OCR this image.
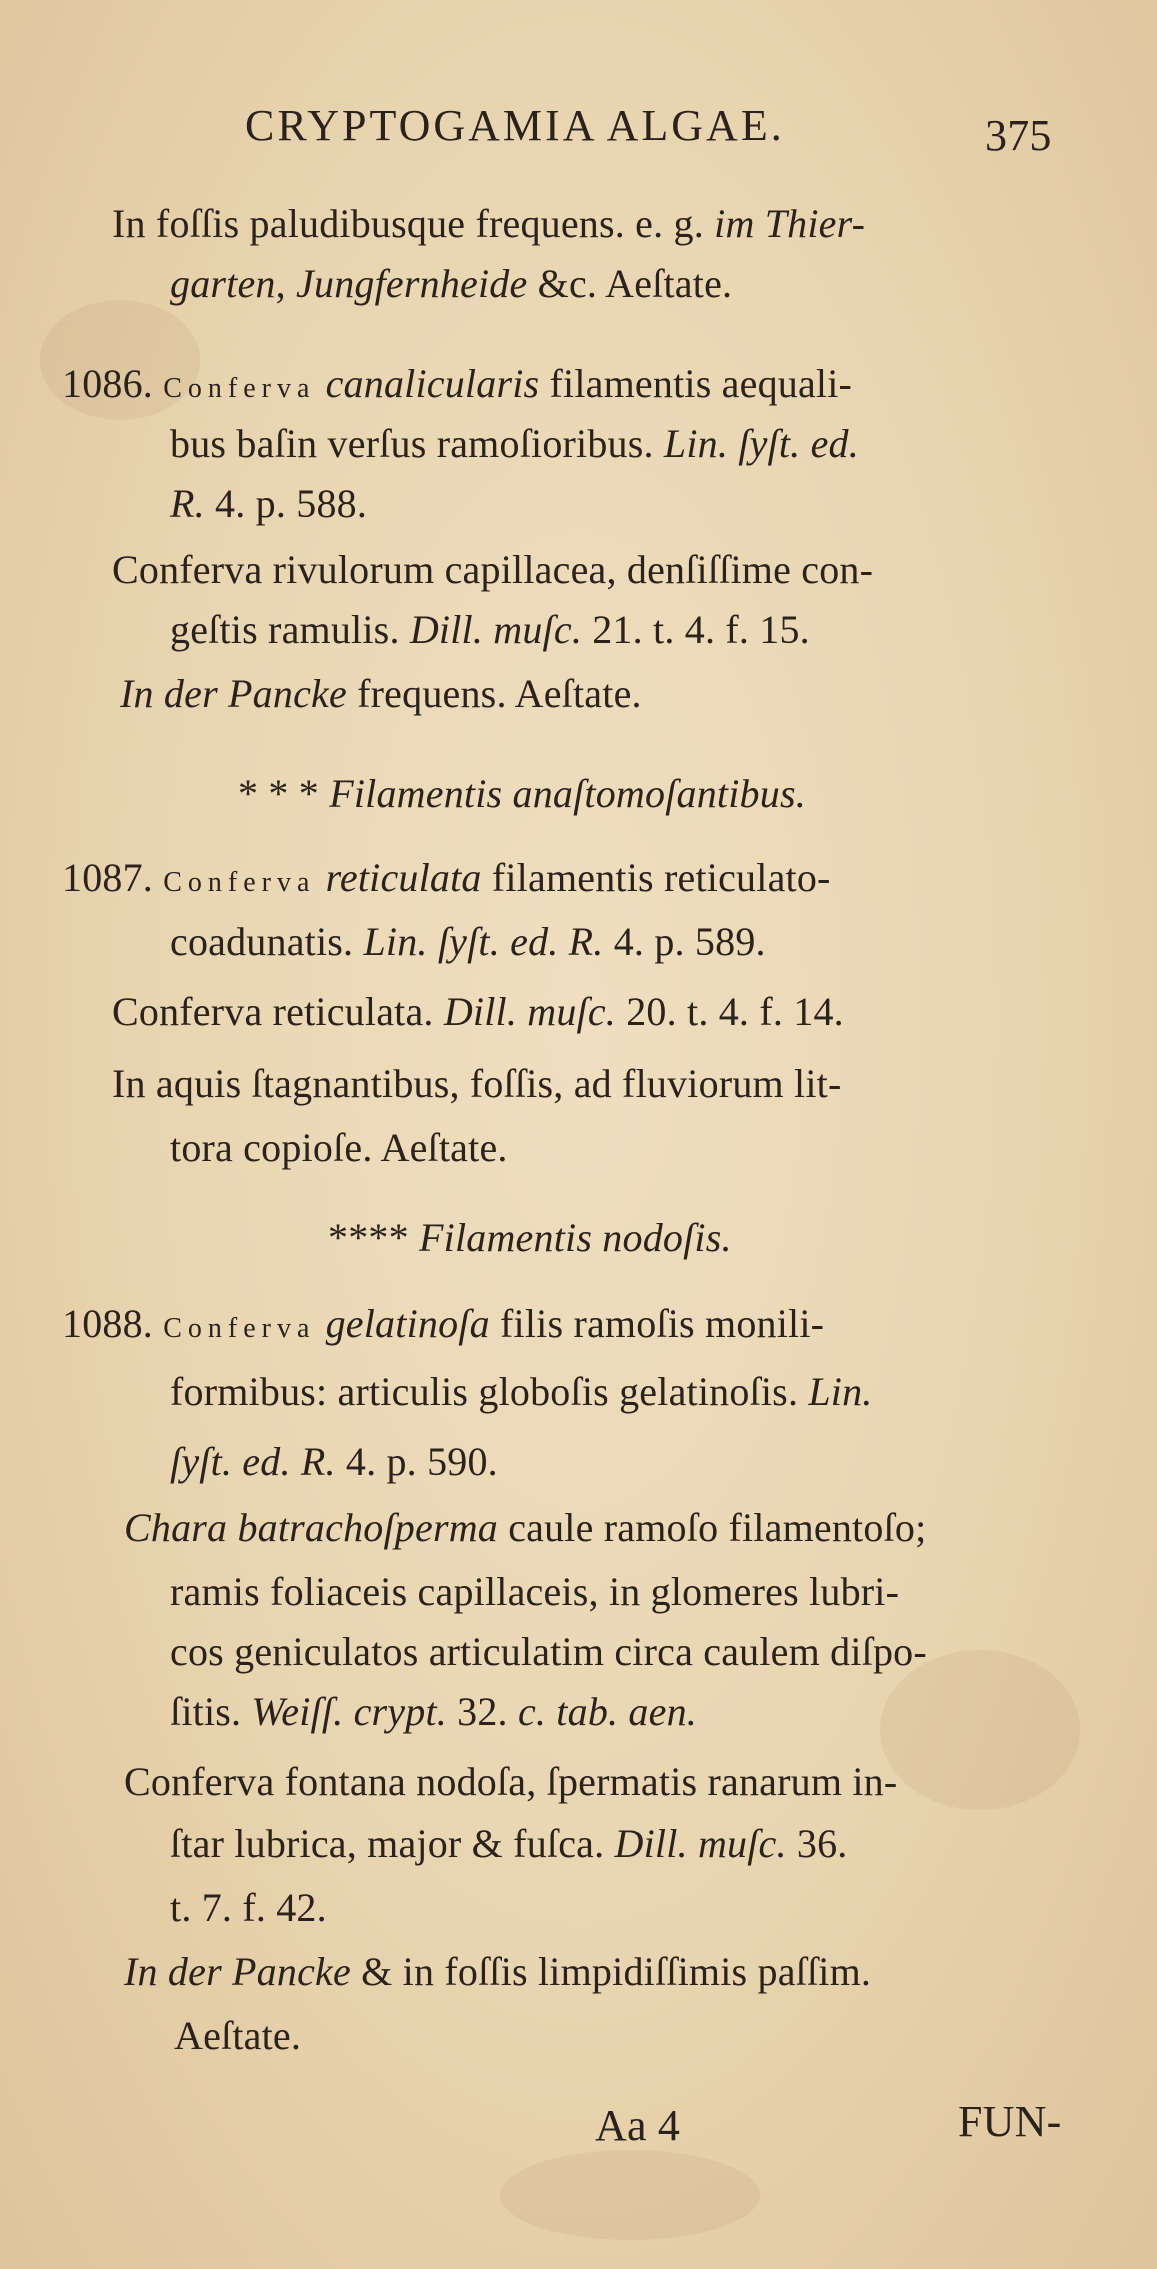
CRYPTOGAMIA ALGAE.	375
In foſſis paludibusque frequens. e. g. im Thier-
garten, Jungfernheide &c. Aeſtate.
1086. Conferva canalicularis filamentis aequali-
bus baſin verſus ramoſioribus. Lin. ſyſt. ed.
R. 4. p. 588.
Conferva rivulorum capillacea, denſiſſime con-
geſtis ramulis. Dill. muſc. 21. t. 4. f. 15.
In der Pancke frequens. Aeſtate.
* * * Filamentis anaſtomoſantibus.
1087. Conferva reticulata filamentis reticulato-
coadunatis. Lin. ſyſt. ed. R. 4. p. 589.
Conferva reticulata. Dill. muſc. 20. t. 4. f. 14.
In aquis ſtagnantibus, foſſis, ad fluviorum lit-
tora copioſe. Aeſtate.
**** Filamentis nodoſis.
1088. Conferva gelatinoſa filis ramoſis monili-
formibus: articulis globoſis gelatinoſis. Lin.
ſyſt. ed. R. 4. p. 590.
Chara batrachoſperma caule ramoſo filamentoſo;
ramis foliaceis capillaceis, in glomeres lubri-
cos geniculatos articulatim circa caulem diſpo-
ſitis. Weiſſ. crypt. 32. c. tab. aen.
Conferva fontana nodoſa, ſpermatis ranarum in-
ſtar lubrica, major & fuſca. Dill. muſc. 36.
t. 7. f. 42.
In der Pancke & in foſſis limpidiſſimis paſſim.
Aeſtate.
Aa 4	FUN-
